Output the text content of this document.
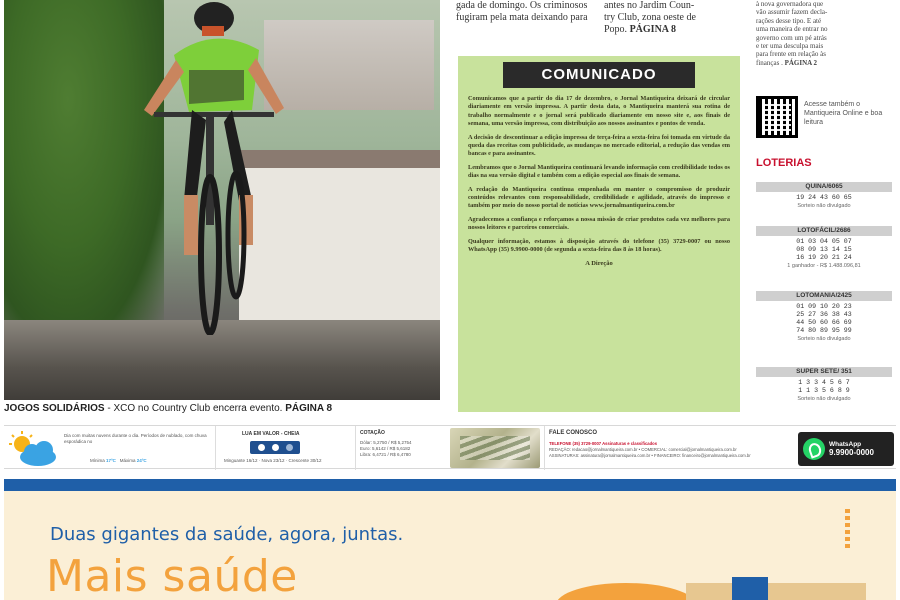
JOGOS SOLIDÁRIOS - XCO no Country Club encerra evento. PÁGINA 8
gada de domingo. Os criminosos fugiram pela mata deixando para
antes no Jardim Coun-
try Club, zona oeste de
Popo. PÁGINA 8
COMUNICADO

Comunicamos que a partir do dia 17 de dezembro, o Jornal Mantiqueira deixará de circular diariamente em versão impressa. A partir desta data, o Mantiqueira manterá sua rotina de trabalho normalmente e o jornal será publicado diariamente em nosso site e, aos finais de semana, uma versão impressa, com distribuição aos nossos assinantes e pontos de venda.

A decisão de descontinuar a edição impressa de terça-feira a sexta-feira foi tomada em virtude da queda das receitas com publicidade, as mudanças no mercado editorial, a redução das vendas em bancas e para assinantes.

Lembramos que o Jornal Mantiqueira continuará levando informação com credibilidade todos os dias na sua versão digital e também com a edição especial aos finais de semana.

A redação do Mantiqueira continua empenhada em manter o compromisso de produzir conteúdos relevantes com responsabilidade, credibilidade e agilidade, através do impresso e também por meio do nosso portal de notícias www.jornalmantiqueira.com.br

Agradecemos a confiança e reforçamos a nossa missão de criar produtos cada vez melhores para nossos leitores e parceiros comerciais.

Qualquer informação, estamos à disposição através do telefone (35) 3729-0007 ou nosso WhatsApp (35) 9.9900-0000 (de segunda a sexta-feira das 8 às 18 horas).

A Direção

à nova governadora que
vão assumir fazem decla-
rações desse tipo. E até
uma maneira de entrar no
governo com um pé atrás
e ter uma desculpa mais
para frente em relação às
finanças . PÁGINA 2
Acesse também o Mantiqueira Online e boa leitura
LOTERIAS
QUINA/6065
19 24 43 60 65
Sorteio não divulgado
LOTOFÁCIL/2686
01 03 04 05 07
08 09 13 14 15
16 19 20 21 24
1 ganhador - R$ 1.488.096,81
LOTOMANIA/2425
01 09 10 20 23
25 27 36 38 43
44 50 60 66 69
74 80 89 95 99
Sorteio não divulgado
SUPER SETE/ 351
1 3 3 4 5 6 7
1 1 3 5 6 8 9
Sorteio não divulgado
Dia com muitas nuvens durante o dia. Períodos de nublado, com chuva esporádica no
Mínima 17ºC Máxima 24ºC
LUA EM VALOR - CHEIA
Minguante 16/12 · Nova 23/12 · Crescente 30/12
COTAÇÃO
Dólar: 5,2750 / R$ 5,2754
Euro: 5,6142 / R$ 5,6182
Libra: 6,4721 / R$ 6,4780
FALE CONOSCO
TELEFONE (35) 3729-0007 Assinaturas e classificados
REDAÇÃO: redacao@jornalmantiqueira.com.br • COMERCIAL: comercial@jornalmantiqueira.com.br
ASSINATURAS: assinatura@jornalmantiqueira.com.br • FINANCEIRO: financeiro@jornalmantiqueira.com.br
WhatsApp
9.9900-0000
Duas gigantes da saúde, agora, juntas.
Mais saúde
